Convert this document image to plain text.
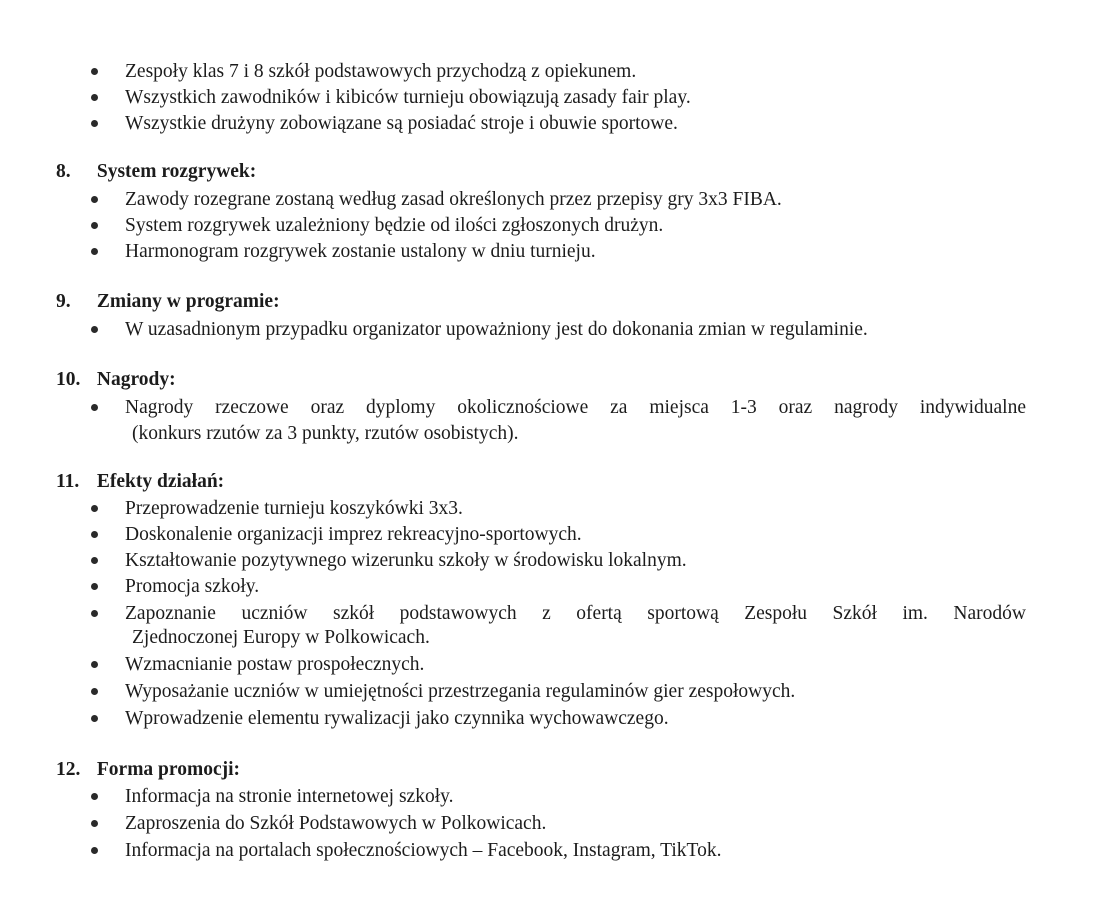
Zespoły klas 7 i 8 szkół podstawowych przychodzą z opiekunem.
Wszystkich zawodników i kibiców turnieju obowiązują zasady fair play.
Wszystkie drużyny zobowiązane są posiadać stroje i obuwie sportowe.
8. System rozgrywek:
Zawody rozegrane zostaną według zasad określonych przez przepisy gry 3x3 FIBA.
System rozgrywek uzależniony będzie od ilości zgłoszonych drużyn.
Harmonogram rozgrywek zostanie ustalony w dniu turnieju.
9. Zmiany w programie:
W uzasadnionym przypadku organizator upoważniony jest do dokonania zmian w regulaminie.
10. Nagrody:
Nagrody rzeczowe oraz dyplomy okolicznościowe za miejsca 1-3 oraz nagrody indywidualne
(konkurs rzutów za 3 punkty, rzutów osobistych).
11. Efekty działań:
Przeprowadzenie turnieju koszykówki 3x3.
Doskonalenie organizacji imprez rekreacyjno-sportowych.
Kształtowanie pozytywnego wizerunku szkoły w środowisku lokalnym.
Promocja szkoły.
Zapoznanie uczniów szkół podstawowych z ofertą sportową Zespołu Szkół im. Narodów
Zjednoczonej Europy w Polkowicach.
Wzmacnianie postaw prospołecznych.
Wyposażanie uczniów w umiejętności przestrzegania regulaminów gier zespołowych.
Wprowadzenie elementu rywalizacji jako czynnika wychowawczego.
12. Forma promocji:
Informacja na stronie internetowej szkoły.
Zaproszenia do Szkół Podstawowych w Polkowicach.
Informacja na portalach społecznościowych – Facebook, Instagram, TikTok.
